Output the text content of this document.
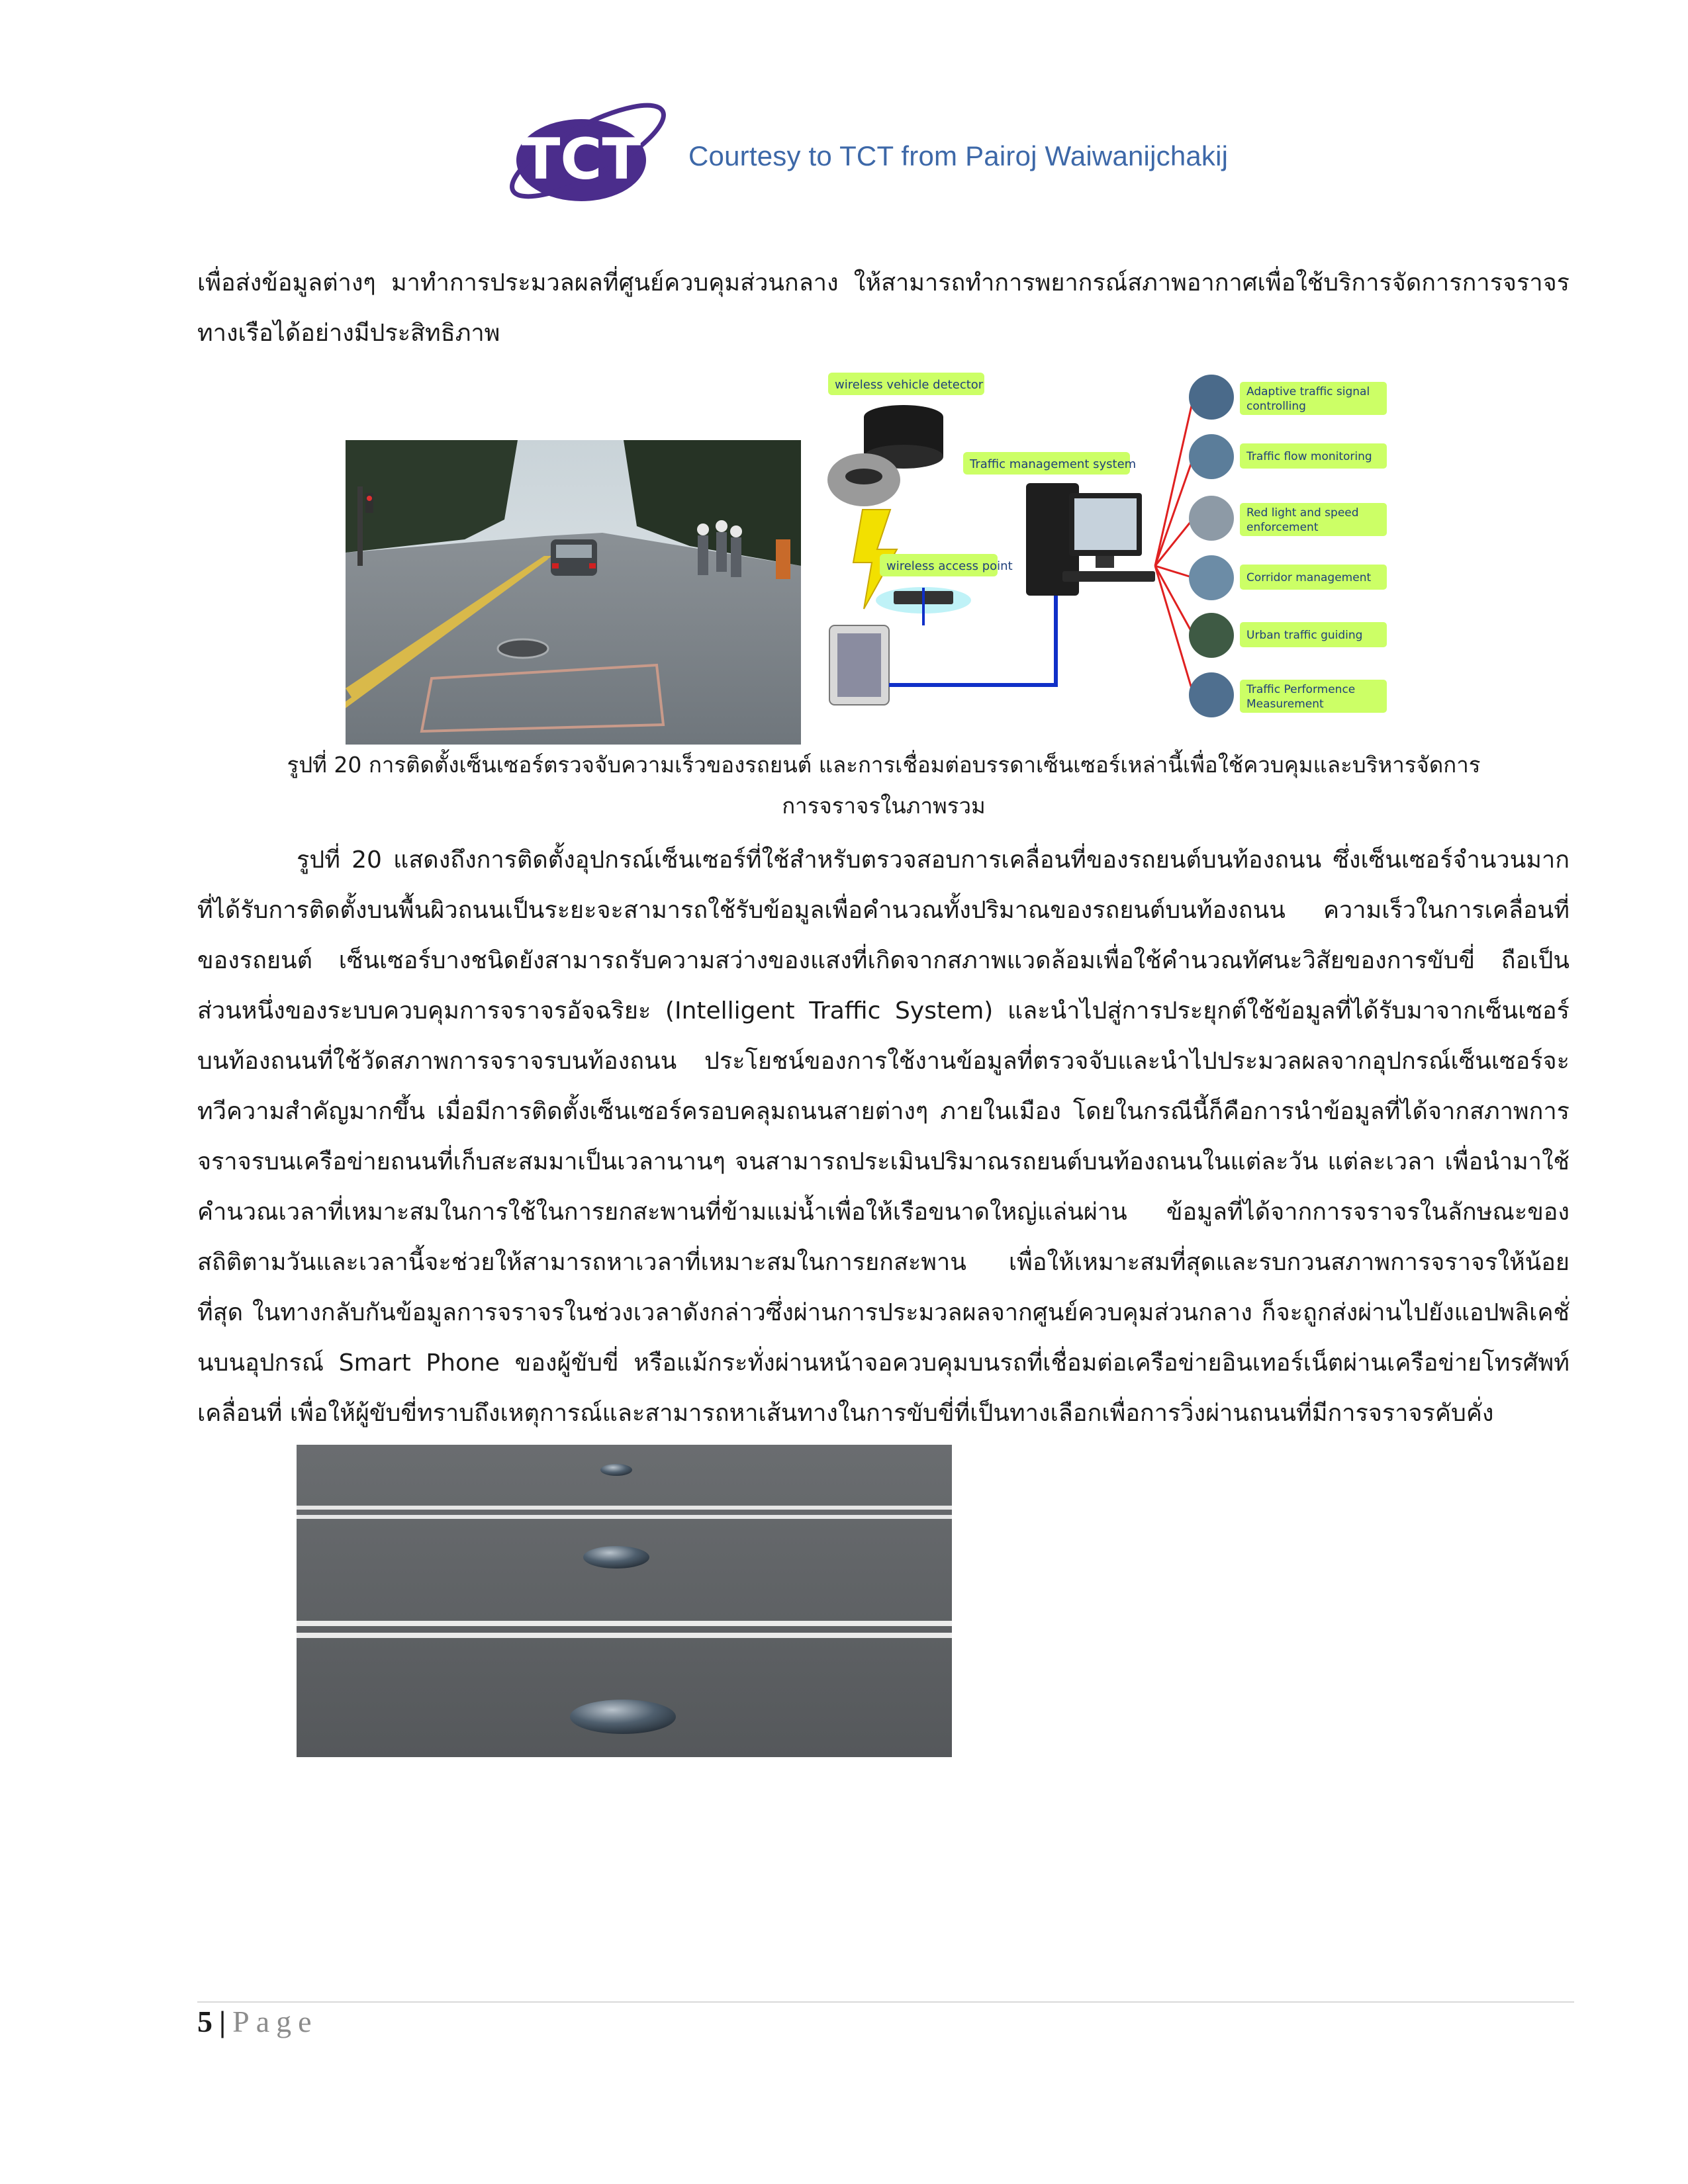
TCT Courtesy to TCT from Pairoj Waiwanijchakij
เพื่อส่งข้อมูลต่างๆ มาทำการประมวลผลที่ศูนย์ควบคุมส่วนกลาง ให้สามารถทำการพยากรณ์สภาพอากาศเพื่อใช้บริการจัดการการจราจรทางเรือได้อย่างมีประสิทธิภาพ
wireless vehicle detector
wireless access point
Traffic management system
Adaptive traffic signal
controlling
Traffic flow monitoring
Red light and speed
enforcement
Corridor management
Urban traffic guiding
Traffic Performence
Measurement
รูปที่ 20 การติดตั้งเซ็นเซอร์ตรวจจับความเร็วของรถยนต์ และการเชื่อมต่อบรรดาเซ็นเซอร์เหล่านี้เพื่อใช้ควบคุมและบริหารจัดการการจราจรในภาพรวม
รูปที่ 20 แสดงถึงการติดตั้งอุปกรณ์เซ็นเซอร์ที่ใช้สำหรับตรวจสอบการเคลื่อนที่ของรถยนต์บนท้องถนน ซึ่งเซ็นเซอร์จำนวนมากที่ได้รับการติดตั้งบนพื้นผิวถนนเป็นระยะจะสามารถใช้รับข้อมูลเพื่อคำนวณทั้งปริมาณของรถยนต์บนท้องถนน ความเร็วในการเคลื่อนที่ของรถยนต์ เซ็นเซอร์บางชนิดยังสามารถรับความสว่างของแสงที่เกิดจากสภาพแวดล้อมเพื่อใช้คำนวณทัศนะวิสัยของการขับขี่ ถือเป็นส่วนหนึ่งของระบบควบคุมการจราจรอัจฉริยะ (Intelligent Traffic System) และนำไปสู่การประยุกต์ใช้ข้อมูลที่ได้รับมาจากเซ็นเซอร์บนท้องถนนที่ใช้วัดสภาพการจราจรบนท้องถนน ประโยชน์ของการใช้งานข้อมูลที่ตรวจจับและนำไปประมวลผลจากอุปกรณ์เซ็นเซอร์จะทวีความสำคัญมากขึ้น เมื่อมีการติดตั้งเซ็นเซอร์ครอบคลุมถนนสายต่างๆ ภายในเมือง โดยในกรณีนี้ก็คือการนำข้อมูลที่ได้จากสภาพการจราจรบนเครือข่ายถนนที่เก็บสะสมมาเป็นเวลานานๆ จนสามารถประเมินปริมาณรถยนต์บนท้องถนนในแต่ละวัน แต่ละเวลา เพื่อนำมาใช้คำนวณเวลาที่เหมาะสมในการใช้ในการยกสะพานที่ข้ามแม่น้ำเพื่อให้เรือขนาดใหญ่แล่นผ่าน ข้อมูลที่ได้จากการจราจรในลักษณะของสถิติตามวันและเวลานี้จะช่วยให้สามารถหาเวลาที่เหมาะสมในการยกสะพาน เพื่อให้เหมาะสมที่สุดและรบกวนสภาพการจราจรให้น้อยที่สุด ในทางกลับกันข้อมูลการจราจรในช่วงเวลาดังกล่าวซึ่งผ่านการประมวลผลจากศูนย์ควบคุมส่วนกลาง ก็จะถูกส่งผ่านไปยังแอปพลิเคชั่นบนอุปกรณ์ Smart Phone ของผู้ขับขี่ หรือแม้กระทั่งผ่านหน้าจอควบคุมบนรถที่เชื่อมต่อเครือข่ายอินเทอร์เน็ตผ่านเครือข่ายโทรศัพท์ เคลื่อนที่ เพื่อให้ผู้ขับขี่ทราบถึงเหตุการณ์และสามารถหาเส้นทางในการขับขี่ที่เป็นทางเลือกเพื่อการวิ่งผ่านถนนที่มีการจราจรคับคั่ง
5 | Page
